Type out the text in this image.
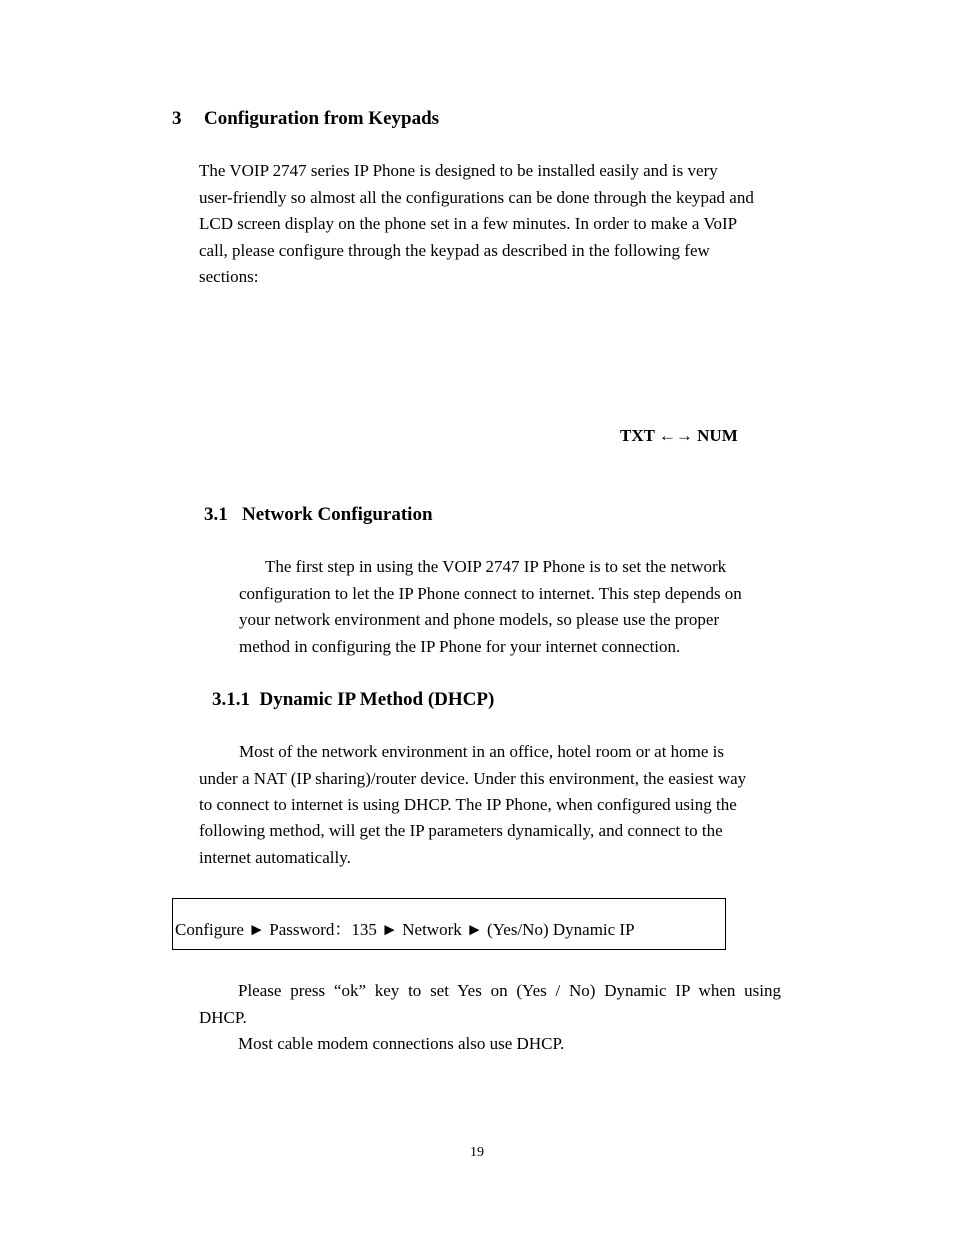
3 Configuration from Keypads
The VOIP 2747 series IP Phone is designed to be installed easily and is very
user-friendly so almost all the configurations can be done through the keypad and
LCD screen display on the phone set in a few minutes. In order to make a VoIP
call, please configure through the keypad as described in the following few
sections:
TXT ←→ NUM
3.1   Network Configuration
The first step in using the VOIP 2747 IP Phone is to set the network
configuration to let the IP Phone connect to internet. This step depends on
your network environment and phone models, so please use the proper
method in configuring the IP Phone for your internet connection.
3.1.1  Dynamic IP Method (DHCP)
Most of the network environment in an office, hotel room or at home is
under a NAT (IP sharing)/router device. Under this environment, the easiest way
to connect to internet is using DHCP. The IP Phone, when configured using the
following method, will get the IP parameters dynamically, and connect to the
internet automatically.
Configure ► Password：135 ► Network ► (Yes/No) Dynamic IP
Please press “ok” key to set Yes on (Yes / No) Dynamic IP when using
DHCP.
Most cable modem connections also use DHCP.
19
